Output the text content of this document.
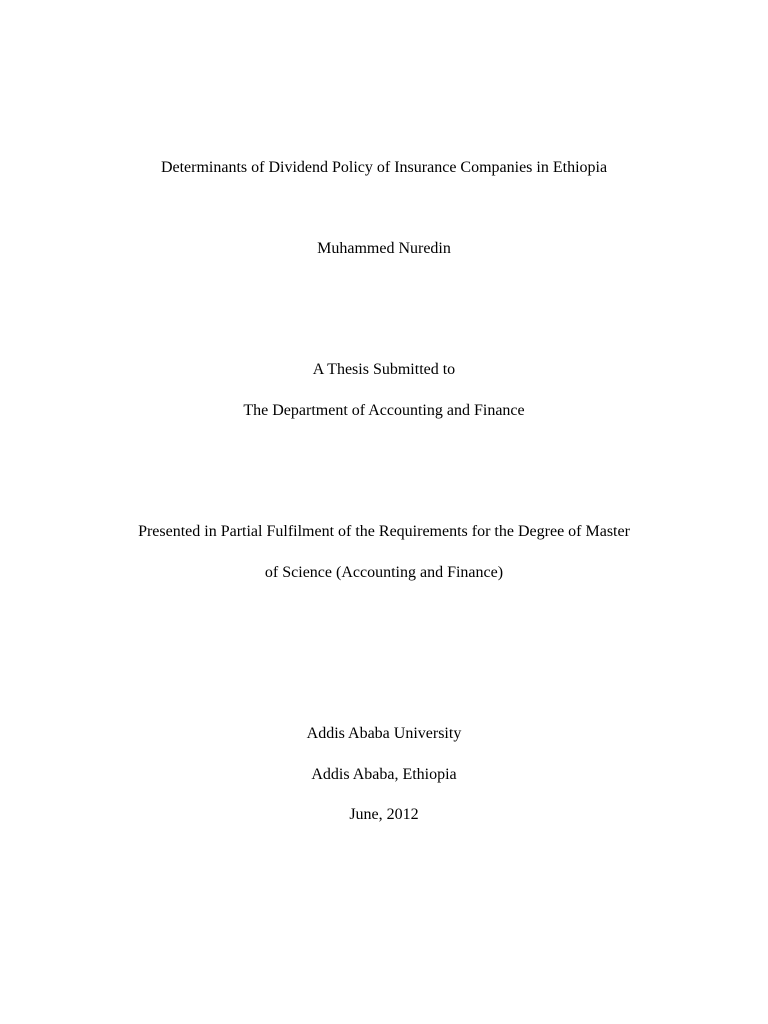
Determinants of Dividend Policy of Insurance Companies in Ethiopia
Muhammed Nuredin
A Thesis Submitted to
The Department of Accounting and Finance
Presented in Partial Fulfilment of the Requirements for the Degree of Master
of Science (Accounting and Finance)
Addis Ababa University
Addis Ababa, Ethiopia
June, 2012
